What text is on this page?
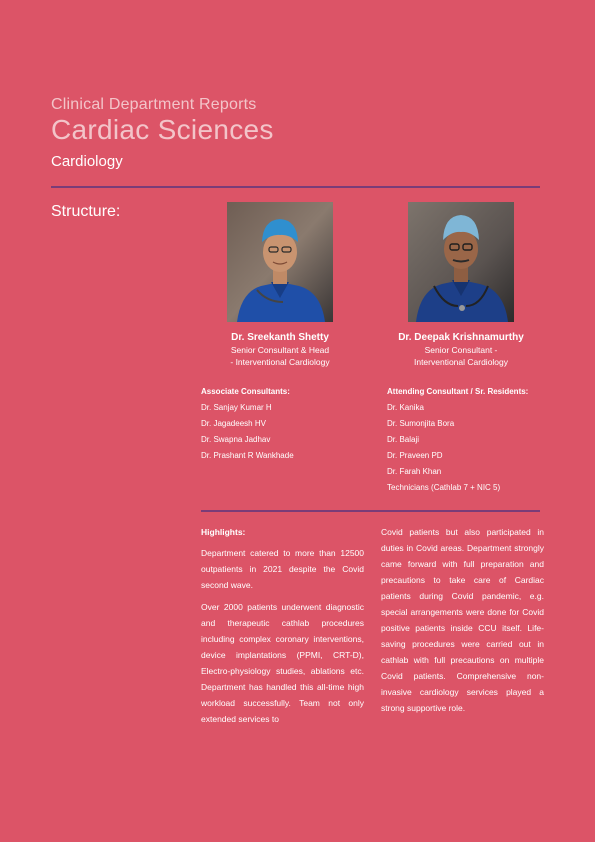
Clinical Department Reports
Cardiac Sciences
Cardiology
Structure:
Dr. Sreekanth Shetty
Senior Consultant & Head
- Interventional Cardiology
Dr. Deepak Krishnamurthy
Senior Consultant -
Interventional Cardiology
Associate Consultants:
Dr. Sanjay Kumar H
Dr. Jagadeesh HV
Dr. Swapna Jadhav
Dr. Prashant R Wankhade
Attending Consultant / Sr. Residents:
Dr. Kanika
Dr. Sumonjita Bora
Dr. Balaji
Dr. Praveen PD
Dr. Farah Khan
Technicians (Cathlab 7 + NIC 5)
Highlights:

Department catered to more than 12500 outpatients in 2021 despite the Covid second wave.

Over 2000 patients underwent diagnostic and therapeutic cathlab procedures including complex coronary interventions, device implantations (PPMI, CRT-D), Electro-physiology studies, ablations etc. Department has handled this all-time high workload successfully. Team not only extended services to

Covid patients but also participated in duties in Covid areas. Department strongly came forward with full preparation and precautions to take care of Cardiac patients during Covid pandemic, e.g. special arrangements were done for Covid positive patients inside CCU itself. Life-saving procedures were carried out in cathlab with full precautions on multiple Covid patients. Comprehensive non-invasive cardiology services played a strong supportive role.
